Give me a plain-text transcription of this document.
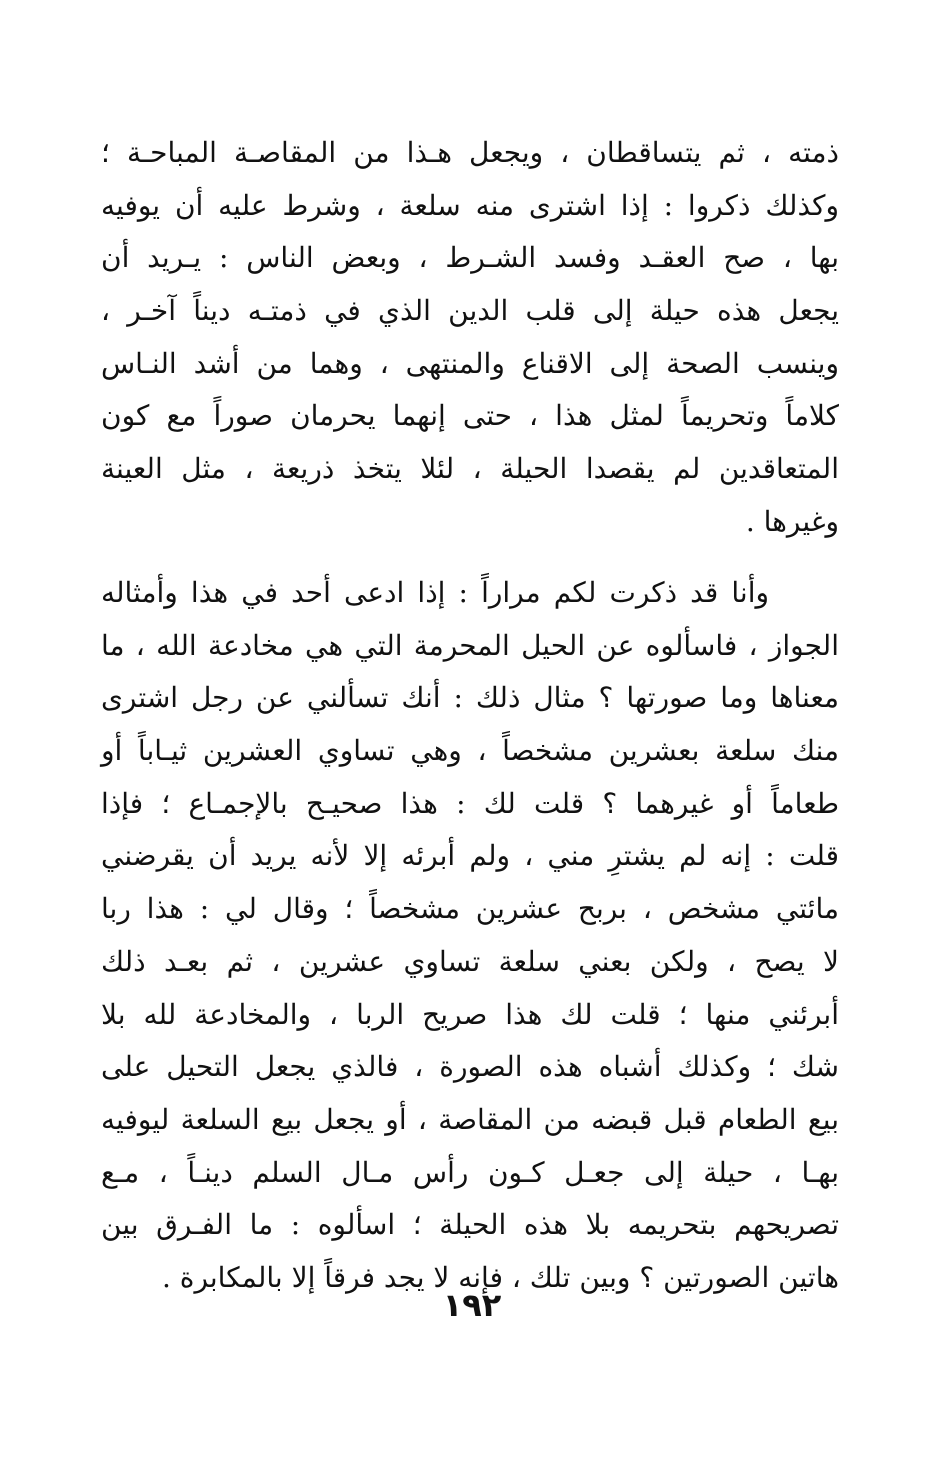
ذمته ، ثم يتساقطان ، ويجعل هـذا من المقاصـة المباحـة ؛
وكذلك ذكروا : إذا اشترى منه سلعة ، وشرط عليه أن يوفيه
بها ، صح العقـد وفسد الشـرط ، وبعض الناس : يـريد أن
يجعل هذه حيلة إلى قلب الدين الذي في ذمتـه ديناً آخـر ،
وينسب الصحة إلى الاقناع والمنتهى ، وهما من أشد النـاس
كلاماً وتحريماً لمثل هذا ، حتى إنهما يحرمان صوراً مع كون
المتعاقدين لم يقصدا الحيلة ، لئلا يتخذ ذريعة ، مثل العينة
وغيرها .
وأنا قد ذكرت لكم مراراً : إذا ادعى أحد في هذا وأمثاله
الجواز ، فاسألوه عن الحيل المحرمة التي هي مخادعة الله ، ما
معناها وما صورتها ؟ مثال ذلك : أنك تسألني عن رجل اشترى
منك سلعة بعشرين مشخصاً ، وهي تساوي العشرين ثيـاباً أو
طعاماً أو غيرهما ؟ قلت لك : هذا صحيـح بالإجمـاع ؛ فإذا
قلت : إنه لم يشترِ مني ، ولم أبرئه إلا لأنه يريد أن يقرضني
مائتي مشخص ، بربح عشرين مشخصاً ؛ وقال لي : هذا ربا
لا يصح ، ولكن بعني سلعة تساوي عشرين ، ثم بعـد ذلك
أبرئني منها ؛ قلت لك هذا صريح الربا ، والمخادعة لله بلا
شك ؛ وكذلك أشباه هذه الصورة ، فالذي يجعل التحيل على
بيع الطعام قبل قبضه من المقاصة ، أو يجعل بيع السلعة ليوفيه
بهـا ، حيلة إلى جعـل كـون رأس مـال السلم دينـاً ، مـع
تصريحهم بتحريمه بلا هذه الحيلة ؛ اسألوه : ما الفـرق بين
هاتين الصورتين ؟ وبين تلك ، فإنه لا يجد فرقاً إلا بالمكابرة .
١٩٢
